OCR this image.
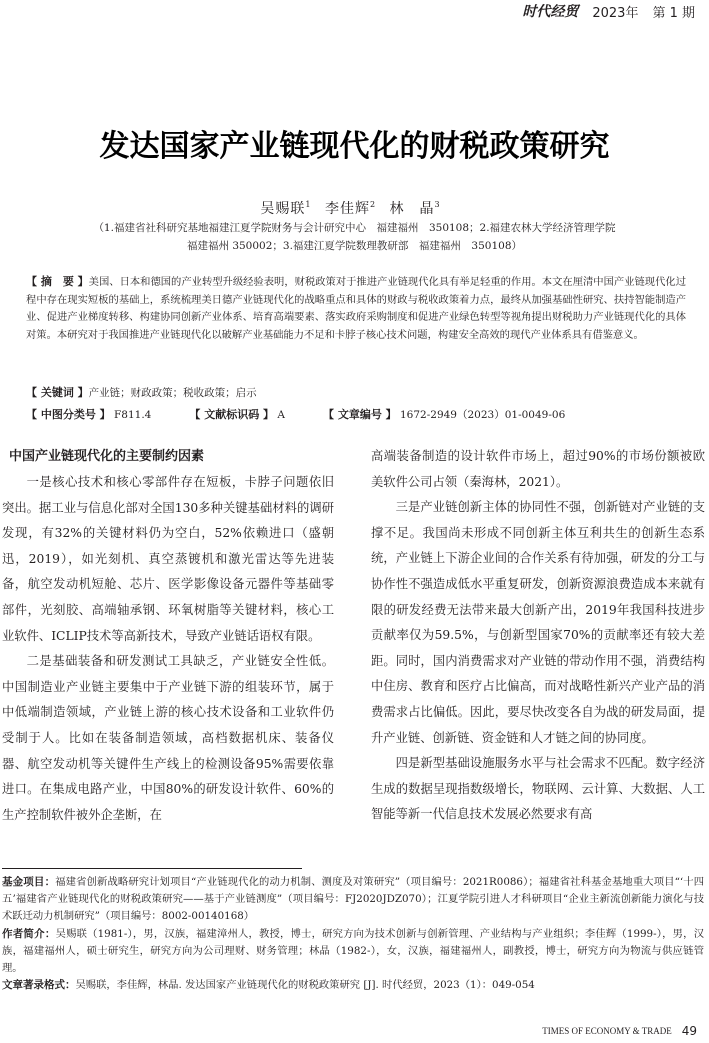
时代经贸 2023年 第 1 期
发达国家产业链现代化的财税政策研究
吴赐联$^1$ 李佳辉$^2$ 林　晶$^3$
（1.福建省社科研究基地福建江夏学院财务与会计研究中心　福建福州　350108；2.福建农林大学经济管理学院
福建福州 350002；3.福建江夏学院数理教研部　福建福州　350108）
【 摘　要 】美国、日本和德国的产业转型升级经验表明，财税政策对于推进产业链现代化具有举足轻重的作用。本文在厘清中国产业链现代化过程中存在现实短板的基础上，系统梳理美日德产业链现代化的战略重点和具体的财政与税收政策着力点，最终从加强基础性研究、扶持智能制造产业、促进产业梯度转移、构建协同创新产业体系、培育高端要素、落实政府采购制度和促进产业绿色转型等视角提出财税助力产业链现代化的具体对策。本研究对于我国推进产业链现代化以破解产业基础能力不足和卡脖子核心技术问题，构建安全高效的现代产业体系具有借鉴意义。
【 关键词 】产业链；财政政策；税收政策；启示
【 中图分类号 】 F811.4	【 文献标识码 】 A	【 文章编号 】 1672-2949（2023）01-0049-06
中国产业链现代化的主要制约因素

一是核心技术和核心零部件存在短板，卡脖子问题依旧突出。据工业与信息化部对全国130多种关键基础材料的调研发现，有32%的关键材料仍为空白，52%依赖进口（盛朝迅，2019），如光刻机、真空蒸镀机和激光雷达等先进装备，航空发动机短舱、芯片、医学影像设备元器件等基础零部件，光刻胶、高端轴承钢、环氧树脂等关键材料，核心工业软件、ICLIP技术等高新技术，导致产业链话语权有限。

二是基础装备和研发测试工具缺乏，产业链安全性低。中国制造业产业链主要集中于产业链下游的组装环节，属于中低端制造领域，产业链上游的核心技术设备和工业软件仍受制于人。比如在装备制造领域，高档数据机床、装备仪器、航空发动机等关键件生产线上的检测设备95%需要依靠进口。在集成电路产业，中国80%的研发设计软件、60%的生产控制软件被外企垄断，在

高端装备制造的设计软件市场上，超过90%的市场份额被欧美软件公司占领（秦海林，2021）。

三是产业链创新主体的协同性不强，创新链对产业链的支撑不足。我国尚未形成不同创新主体互利共生的创新生态系统，产业链上下游企业间的合作关系有待加强，研发的分工与协作性不强造成低水平重复研发，创新资源浪费造成本来就有限的研发经费无法带来最大创新产出，2019年我国科技进步贡献率仅为59.5%，与创新型国家70%的贡献率还有较大差距。同时，国内消费需求对产业链的带动作用不强，消费结构中住房、教育和医疗占比偏高，而对战略性新兴产业产品的消费需求占比偏低。因此，要尽快改变各自为战的研发局面，提升产业链、创新链、资金链和人才链之间的协同度。

四是新型基础设施服务水平与社会需求不匹配。数字经济生成的数据呈现指数级增长，物联网、云计算、大数据、人工智能等新一代信息技术发展必然要求有高

基金项目：福建省创新战略研究计划项目“产业链现代化的动力机制、测度及对策研究”（项目编号：2021R0086）；福建省社科基金基地重大项目“‘十四五’福建省产业链现代化的财税政策研究——基于产业链测度”（项目编号：FJ2020JDZ070）；江夏学院引进人才科研项目“企业主新流创新能力演化与技术跃迁动力机制研究”（项目编号：8002-00140168）

作者简介：吴赐联（1981-），男，汉族，福建漳州人，教授，博士，研究方向为技术创新与创新管理、产业结构与产业组织；李佳辉（1999-），男，汉族，福建福州人，硕士研究生，研究方向为公司理财、财务管理；林晶（1982-），女，汉族，福建福州人，副教授，博士，研究方向为物流与供应链管理。

文章著录格式：吴赐联，李佳辉，林晶. 发达国家产业链现代化的财税政策研究 [J]. 时代经贸，2023（1）：049-054

TIMES OF ECONOMY & TRADE 49
